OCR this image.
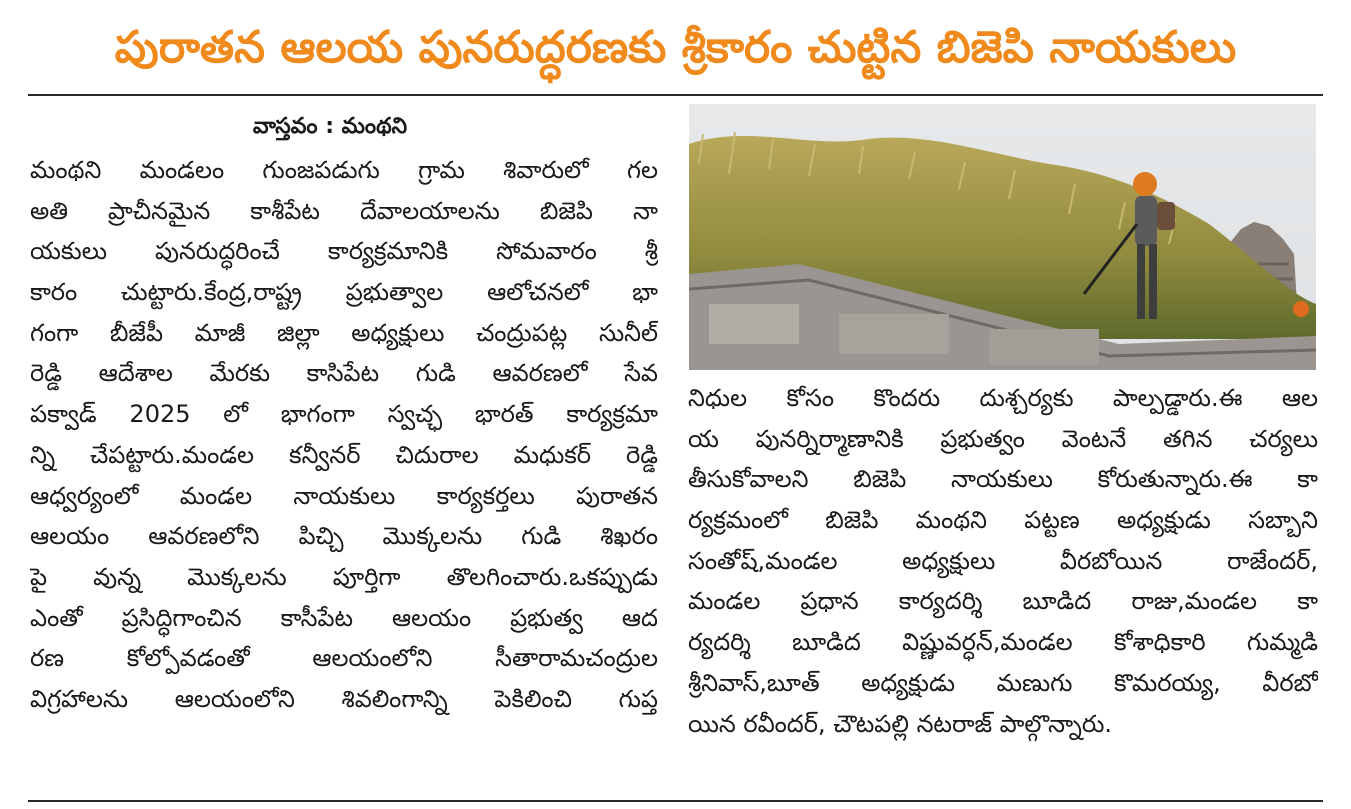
పురాతన ఆలయ పునరుద్ధరణకు శ్రీకారం చుట్టిన బిజెపి నాయకులు
వాస్తవం : మంథని
మంథని మండలం గుంజపడుగు గ్రామ శివారులో గల
అతి ప్రాచీనమైన కాశీపేట దేవాలయాలను బిజెపి నా
యకులు పునరుద్ధరించే కార్యక్రమానికి సోమవారం శ్రీ
కారం చుట్టారు.కేంద్ర,రాష్ట్ర ప్రభుత్వాల ఆలోచనలో భా
గంగా బీజేపీ మాజీ జిల్లా అధ్యక్షులు చంద్రుపట్ల సునీల్
రెడ్డి ఆదేశాల మేరకు కాసిపేట గుడి ఆవరణలో సేవ
పక్వాడ్ 2025 లో భాగంగా స్వచ్ఛ భారత్ కార్యక్రమా
న్ని చేపట్టారు.మండల కన్వీనర్ చిదురాల మధుకర్ రెడ్డి
ఆధ్వర్యంలో మండల నాయకులు కార్యకర్తలు పురాతన
ఆలయం ఆవరణలోని పిచ్చి మొక్కలను గుడి శిఖరం
పై వున్న మొక్కలను పూర్తిగా తొలగించారు.ఒకప్పుడు
ఎంతో ప్రసిద్ధిగాంచిన కాసీపేట ఆలయం ప్రభుత్వ ఆద
రణ కోల్పోవడంతో ఆలయంలోని సీతారామచంద్రుల
విగ్రహాలను ఆలయంలోని శివలింగాన్ని పెకిలించి గుప్త
నిధుల కోసం కొందరు దుశ్చర్యకు పాల్పడ్డారు.ఈ ఆల
య పునర్నిర్మాణానికి ప్రభుత్వం వెంటనే తగిన చర్యలు
తీసుకోవాలని బిజెపి నాయకులు కోరుతున్నారు.ఈ కా
ర్యక్రమంలో బిజెపి మంథని పట్టణ అధ్యక్షుడు సబ్బాని
సంతోష్,మండల అధ్యక్షులు వీరబోయిన రాజేందర్,
మండల ప్రధాన కార్యదర్శి బూడిద రాజు,మండల కా
ర్యదర్శి బూడిద విష్ణువర్ధన్,మండల కోశాధికారి గుమ్మడి
శ్రీనివాస్,బూత్ అధ్యక్షుడు మణుగు కొమరయ్య, వీరబో
యిన రవీందర్, చౌటపల్లి నటరాజ్ పాల్గొన్నారు.
